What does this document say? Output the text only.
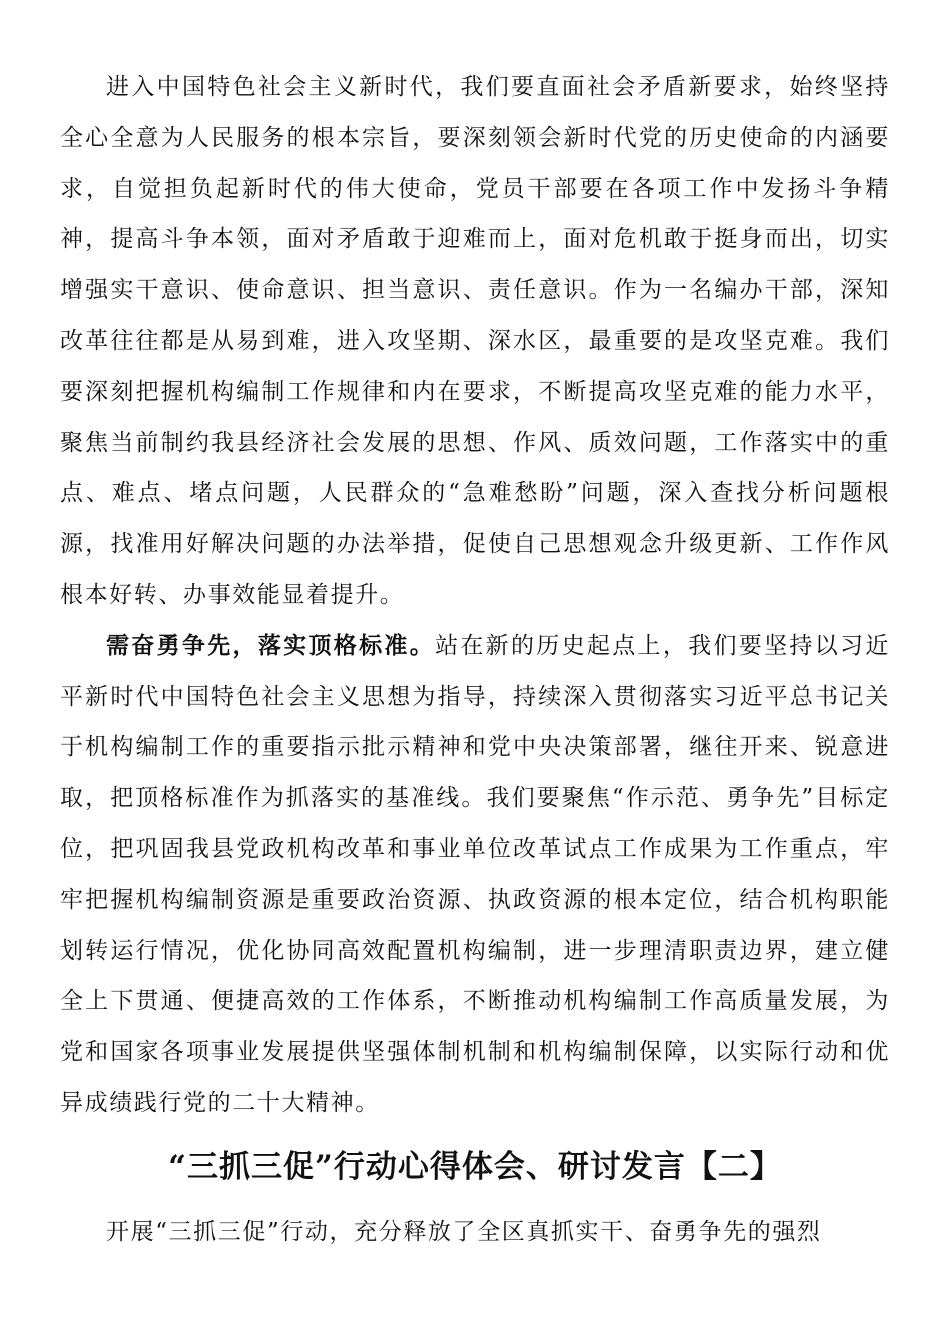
进入中国特色社会主义新时代，我们要直面社会矛盾新要求，始终坚持全心全意为人民服务的根本宗旨，要深刻领会新时代党的历史使命的内涵要求，自觉担负起新时代的伟大使命，党员干部要在各项工作中发扬斗争精神，提高斗争本领，面对矛盾敢于迎难而上，面对危机敢于挺身而出，切实增强实干意识、使命意识、担当意识、责任意识。作为一名编办干部，深知改革往往都是从易到难，进入攻坚期、深水区，最重要的是攻坚克难。我们要深刻把握机构编制工作规律和内在要求，不断提高攻坚克难的能力水平，聚焦当前制约我县经济社会发展的思想、作风、质效问题，工作落实中的重点、难点、堵点问题，人民群众的“急难愁盼”问题，深入查找分析问题根源，找准用好解决问题的办法举措，促使自己思想观念升级更新、工作作风根本好转、办事效能显着提升。

需奋勇争先，落实顶格标准。站在新的历史起点上，我们要坚持以习近平新时代中国特色社会主义思想为指导，持续深入贯彻落实习近平总书记关于机构编制工作的重要指示批示精神和党中央决策部署，继往开来、锐意进取，把顶格标准作为抓落实的基准线。我们要聚焦“作示范、勇争先”目标定位，把巩固我县党政机构改革和事业单位改革试点工作成果为工作重点，牢牢把握机构编制资源是重要政治资源、执政资源的根本定位，结合机构职能划转运行情况，优化协同高效配置机构编制，进一步理清职责边界，建立健全上下贯通、便捷高效的工作体系，不断推动机构编制工作高质量发展，为党和国家各项事业发展提供坚强体制机制和机构编制保障，以实际行动和优异成绩践行党的二十大精神。

“三抓三促”行动心得体会、研讨发言【二】

开展“三抓三促”行动，充分释放了全区真抓实干、奋勇争先的强烈
